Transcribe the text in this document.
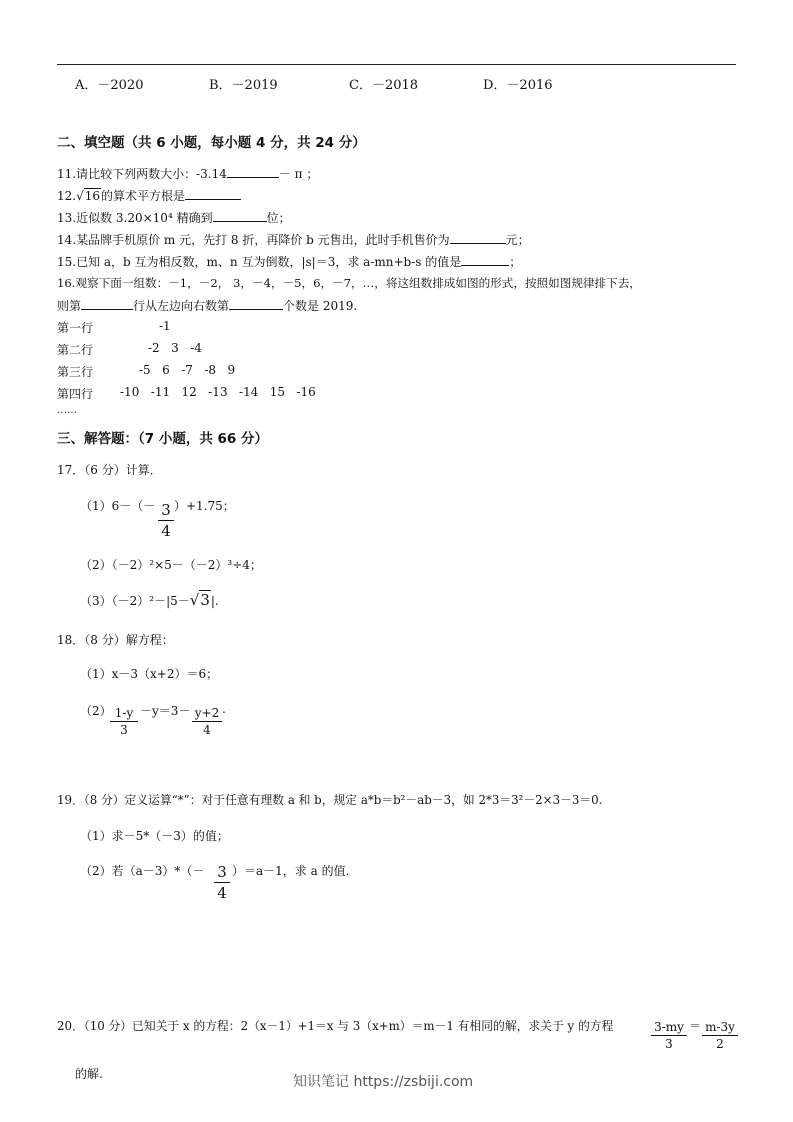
A．－2020	B．－2019	C．－2018	D．－2016
二、填空题（共 6 小题，每小题 4 分，共 24 分）
11.请比较下列两数大小：-3.14	－ π ；
12.√16的算术平方根是
13.近似数 3.20×10⁴ 精确到	位；
14.某品牌手机原价 m 元，先打 8 折，再降价 b 元售出，此时手机售价为	元；
15.已知 a，b 互为相反数，m、n 互为倒数，|s|＝3，求 a-mn+b-s 的值是	；
16.观察下面一组数：－1，－2， 3，－4，－5，6，－7，…，将这组数排成如图的形式，按照如图规律排下去，
则第	行从左边向右数第	个数是 2019.
第一行	-1
第二行	-2   3   -4
第三行	-5   6   -7   -8   9
第四行 -10   -11   12   -13   -14   15   -16
……
三、解答题：（7 小题，共 66 分）
17．（6 分）计算．
（1）6－（－ 3
4
）+1.75；
（2）（－2）²×5－（－2）³÷4；
（3）（－2）²－|5－√3|.
18．（8 分）解方程：
（1）x－3（x+2）＝6；
（2） 1-y
3
－y＝3－ y+2
4
.
19．（8 分）定义运算“*”：对于任意有理数 a 和 b，规定 a*b＝b²－ab－3，如 2*3＝3²－2×3－3＝0.
（1）求－5*（－3）的值；
（2）若（a－3）*（－ 3
4
）＝a－1，求 a 的值.
20．（10 分）已知关于 x 的方程：2（x－1）+1＝x 与 3（x+m）＝m－1 有相同的解，求关于 y 的方程	3-my
3
＝ m-3y
2
的解.	知识笔记 https://zsbiji.com
